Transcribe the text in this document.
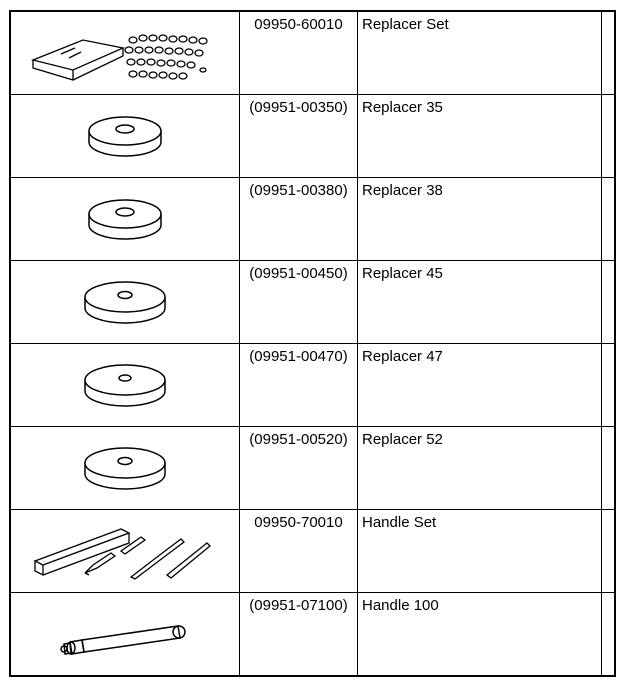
09950-60010	Replacer Set	

(09951-00350)	Replacer 35	

(09951-00380)	Replacer 38	

(09951-00450)	Replacer 45	

(09951-00470)	Replacer 47	

(09951-00520)	Replacer 52	

09950-70010	Handle Set	

(09951-07100)	Handle 100	
